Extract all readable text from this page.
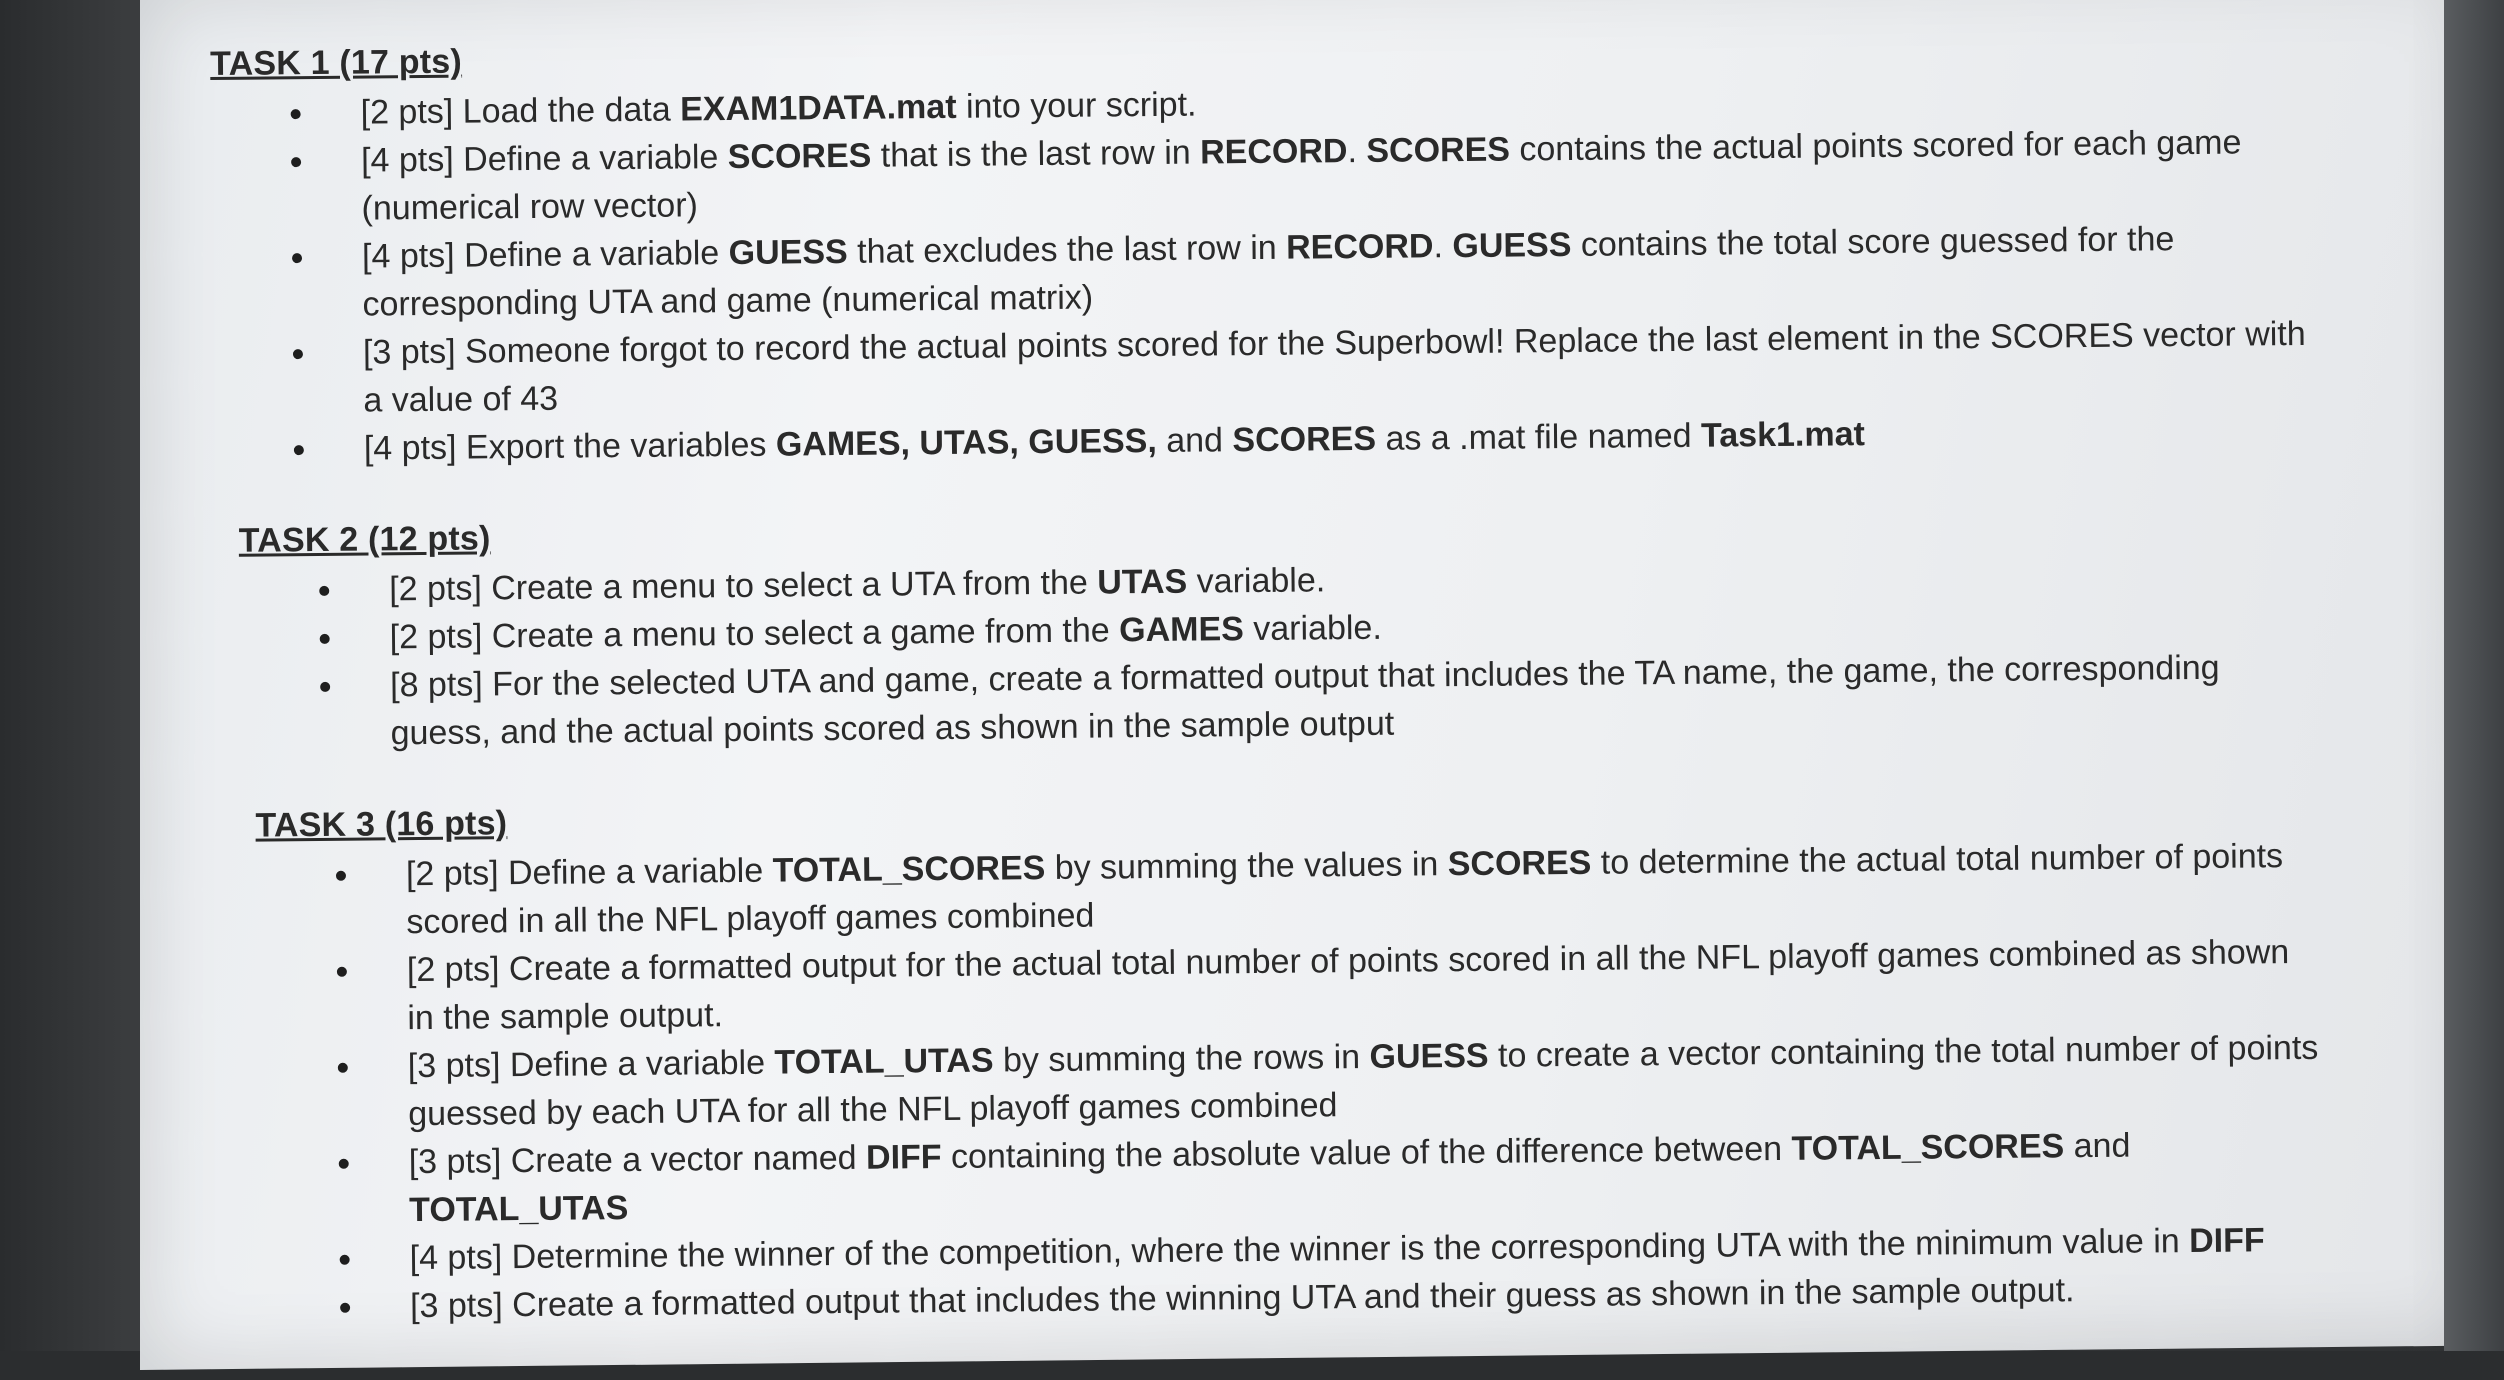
TASK 1 (17 pts)
[2 pts] Load the data EXAM1DATA.mat into your script.
[4 pts] Define a variable SCORES that is the last row in RECORD. SCORES contains the actual points scored for each game (numerical row vector)
[4 pts] Define a variable GUESS that excludes the last row in RECORD. GUESS contains the total score guessed for the corresponding UTA and game (numerical matrix)
[3 pts] Someone forgot to record the actual points scored for the Superbowl! Replace the last element in the SCORES vector with a value of 43
[4 pts] Export the variables GAMES, UTAS, GUESS, and SCORES as a .mat file named Task1.mat
TASK 2 (12 pts)
[2 pts] Create a menu to select a UTA from the UTAS variable.
[2 pts] Create a menu to select a game from the GAMES variable.
[8 pts] For the selected UTA and game, create a formatted output that includes the TA name, the game, the corresponding guess, and the actual points scored as shown in the sample output
TASK 3 (16 pts)
[2 pts] Define a variable TOTAL_SCORES by summing the values in SCORES to determine the actual total number of points scored in all the NFL playoff games combined
[2 pts] Create a formatted output for the actual total number of points scored in all the NFL playoff games combined as shown in the sample output.
[3 pts] Define a variable TOTAL_UTAS by summing the rows in GUESS to create a vector containing the total number of points guessed by each UTA for all the NFL playoff games combined
[3 pts] Create a vector named DIFF containing the absolute value of the difference between TOTAL_SCORES and TOTAL_UTAS
[4 pts] Determine the winner of the competition, where the winner is the corresponding UTA with the minimum value in DIFF
[3 pts] Create a formatted output that includes the winning UTA and their guess as shown in the sample output.
